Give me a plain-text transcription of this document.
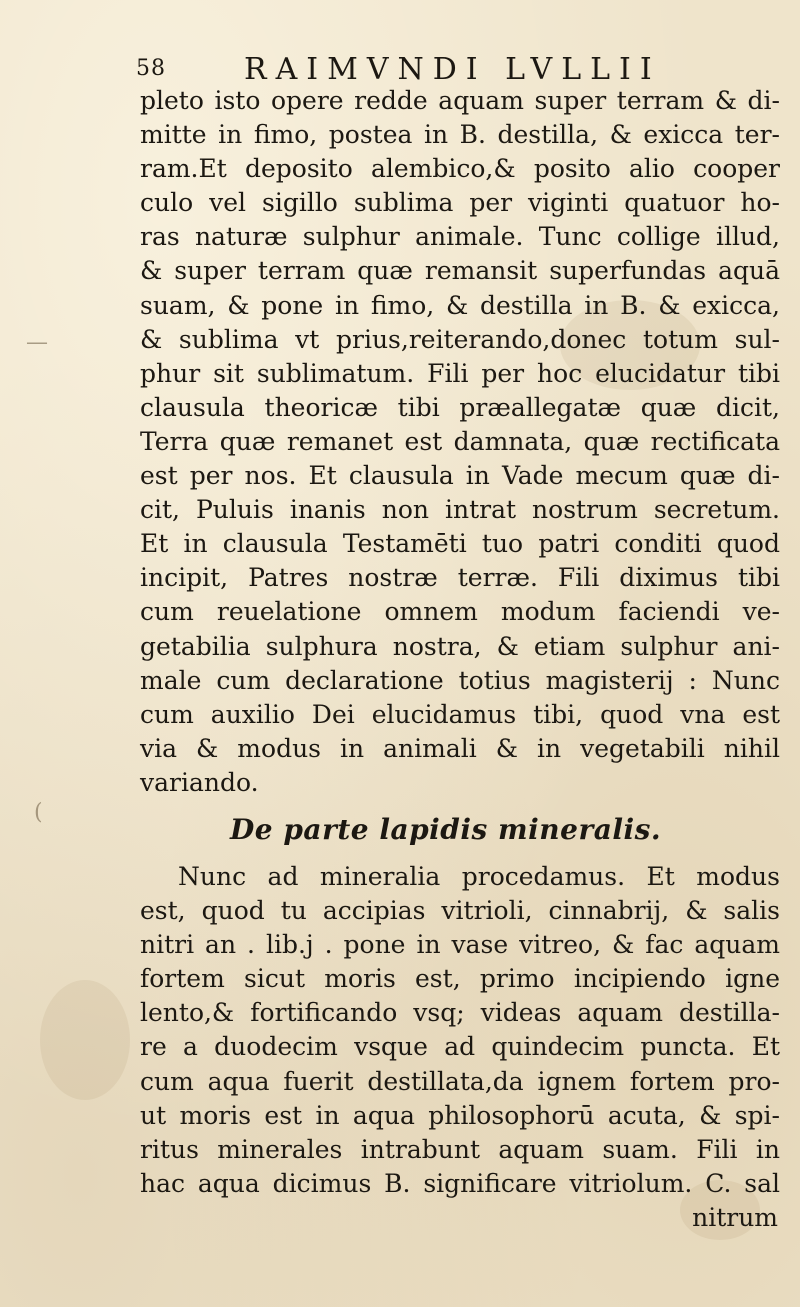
—
(
58	RAIMVNDI LVLLII
pleto isto opere redde aquam super terram & di-
mitte in fimo, postea in B. destilla, & exicca ter-
ram.Et deposito alembico,& posito alio cooper
culo vel sigillo sublima per viginti quatuor ho-
ras naturæ sulphur animale. Tunc collige illud,
& super terram quæ remansit superfundas aquā
suam, & pone in fimo, & destilla in B. & exicca,
& sublima vt prius,reiterando,donec totum sul-
phur sit sublimatum. Fili per hoc elucidatur tibi
clausula theoricæ tibi præallegatæ quæ dicit,
Terra quæ remanet est damnata, quæ rectificata
est per nos. Et clausula in Vade mecum quæ di-
cit, Puluis inanis non intrat nostrum secretum.
Et in clausula Testamēti tuo patri conditi quod
incipit, Patres nostræ terræ. Fili diximus tibi
cum reuelatione omnem modum faciendi ve-
getabilia sulphura nostra, & etiam sulphur ani-
male cum declaratione totius magisterij : Nunc
cum auxilio Dei elucidamus tibi, quod vna est
via & modus in animali & in vegetabili nihil
variando.
De parte lapidis mineralis.
Nunc ad mineralia procedamus. Et modus
est, quod tu accipias vitrioli, cinnabrij, & salis
nitri an . lib.j . pone in vase vitreo, & fac aquam
fortem sicut moris est, primo incipiendo igne
lento,& fortificando vsq; videas aquam destilla-
re a duodecim vsque ad quindecim puncta. Et
cum aqua fuerit destillata,da ignem fortem pro-
ut moris est in aqua philosophorū acuta, & spi-
ritus minerales intrabunt aquam suam. Fili in
hac aqua dicimus B. significare vitriolum. C. sal
nitrum
